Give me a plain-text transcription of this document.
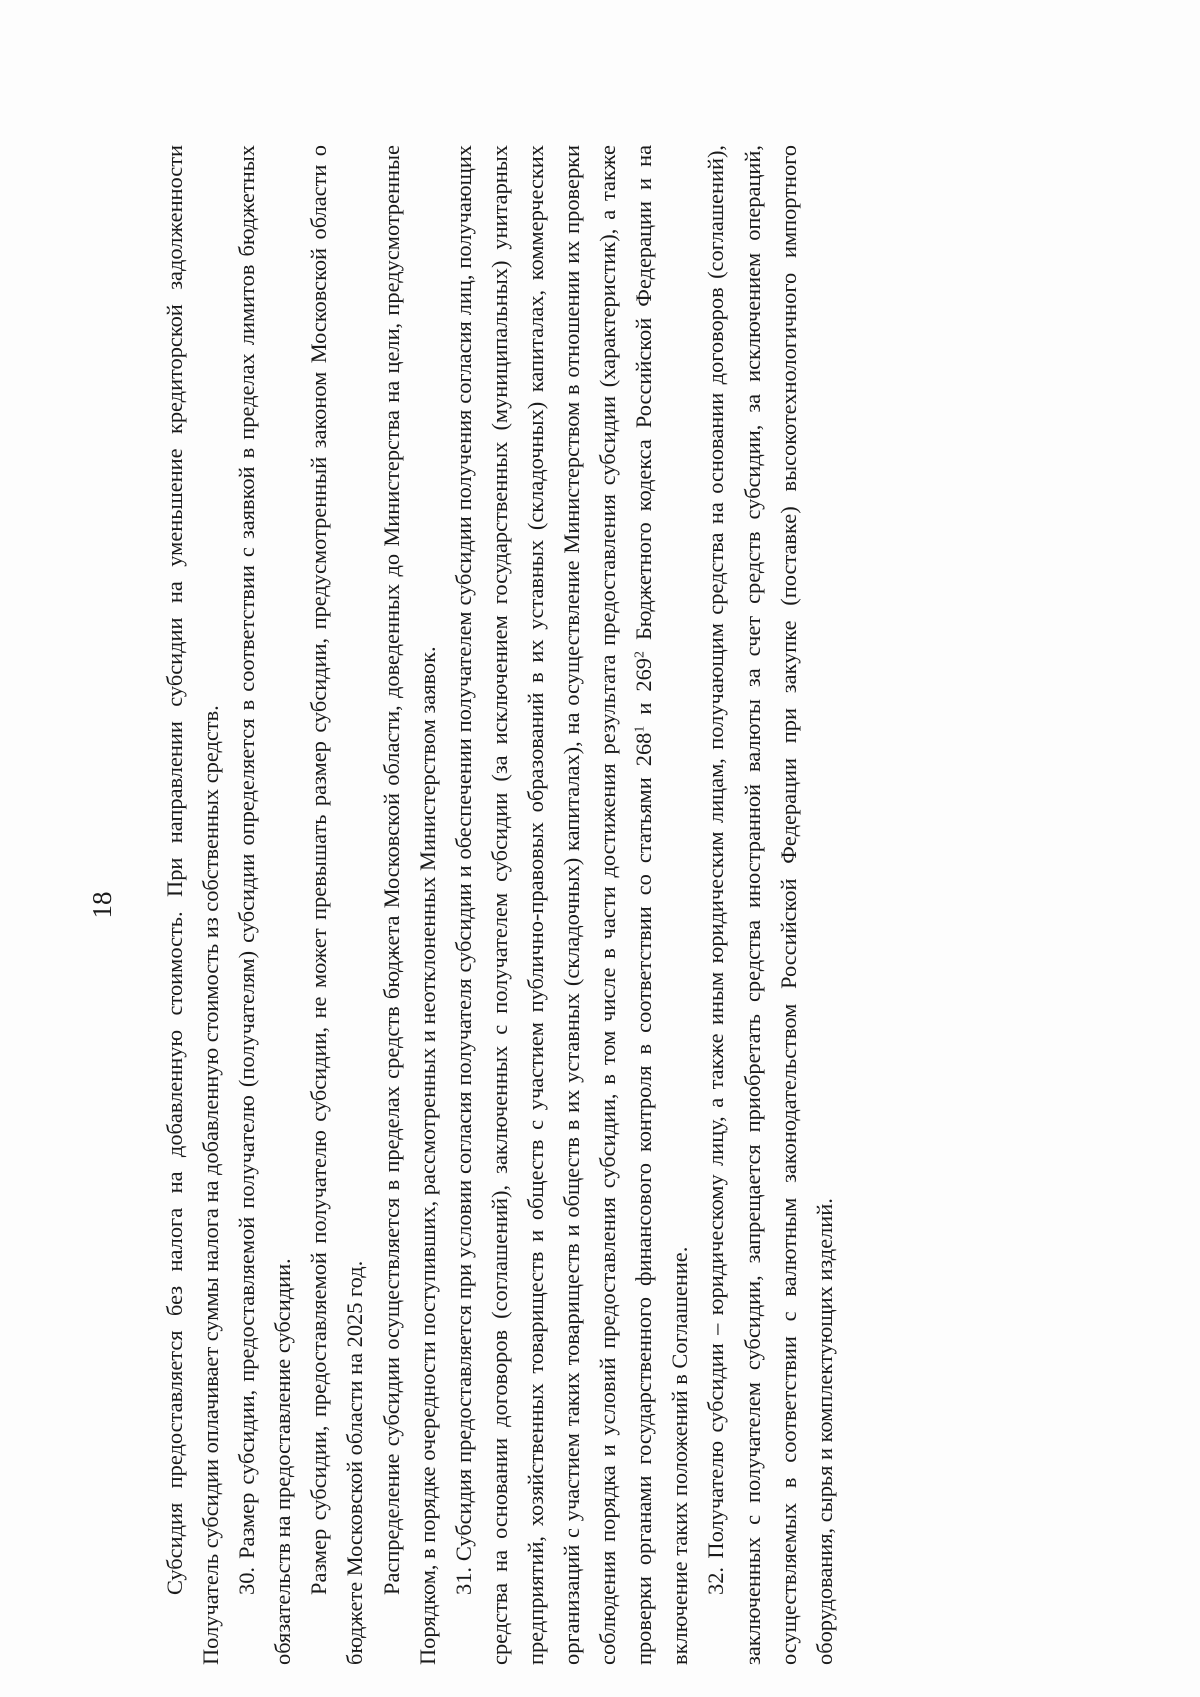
18 Субсидия предоставляется без налога на добавленную стоимость. При направлении субсидии на уменьшение кредиторской задолженности Получатель субсидии оплачивает суммы налога на добавленную стоимость из собственных средств. 30. Размер субсидии, предоставляемой получателю (получателям) субсидии определяется в соответствии с заявкой в пределах лимитов бюджетных обязательств на предоставление субсидии. Размер субсидии, предоставляемой получателю субсидии, не может превышать размер субсидии, предусмотренный законом Московской области о бюджете Московской области на 2025 год. Распределение субсидии осуществляется в пределах средств бюджета Московской области, доведенных до Министерства на цели, предусмотренные Порядком, в порядке очередности поступивших, рассмотренных и неотклоненных Министерством заявок. 31. Субсидия предоставляется при условии согласия получателя субсидии и обеспечении получателем субсидии получения согласия лиц, получающих средства на основании договоров (соглашений), заключенных с получателем субсидии (за исключением государственных (муниципальных) унитарных предприятий, хозяйственных товариществ и обществ с участием публично-правовых образований в их уставных (складочных) капиталах, коммерческих организаций с участием таких товариществ и обществ в их уставных (складочных) капиталах), на осуществление Министерством в отношении их проверки соблюдения порядка и условий предоставления субсидии, в том числе в части достижения результата предоставления субсидии (характеристик), а также проверки органами государственного финансового контроля в соответствии со статьями $268^1$ и $269^2$ Бюджетного кодекса Российской Федерации и на включение таких положений в Соглашение. 32. Получателю субсидии – юридическому лицу, а также иным юридическим лицам, получающим средства на основании договоров (соглашений), заключенных с получателем субсидии, запрещается приобретать средства иностранной валюты за счет средств субсидии, за исключением операций, осуществляемых в соответствии с валютным законодательством Российской Федерации при закупке (поставке) высокотехнологичного импортного оборудования, сырья и комплектующих изделий.
